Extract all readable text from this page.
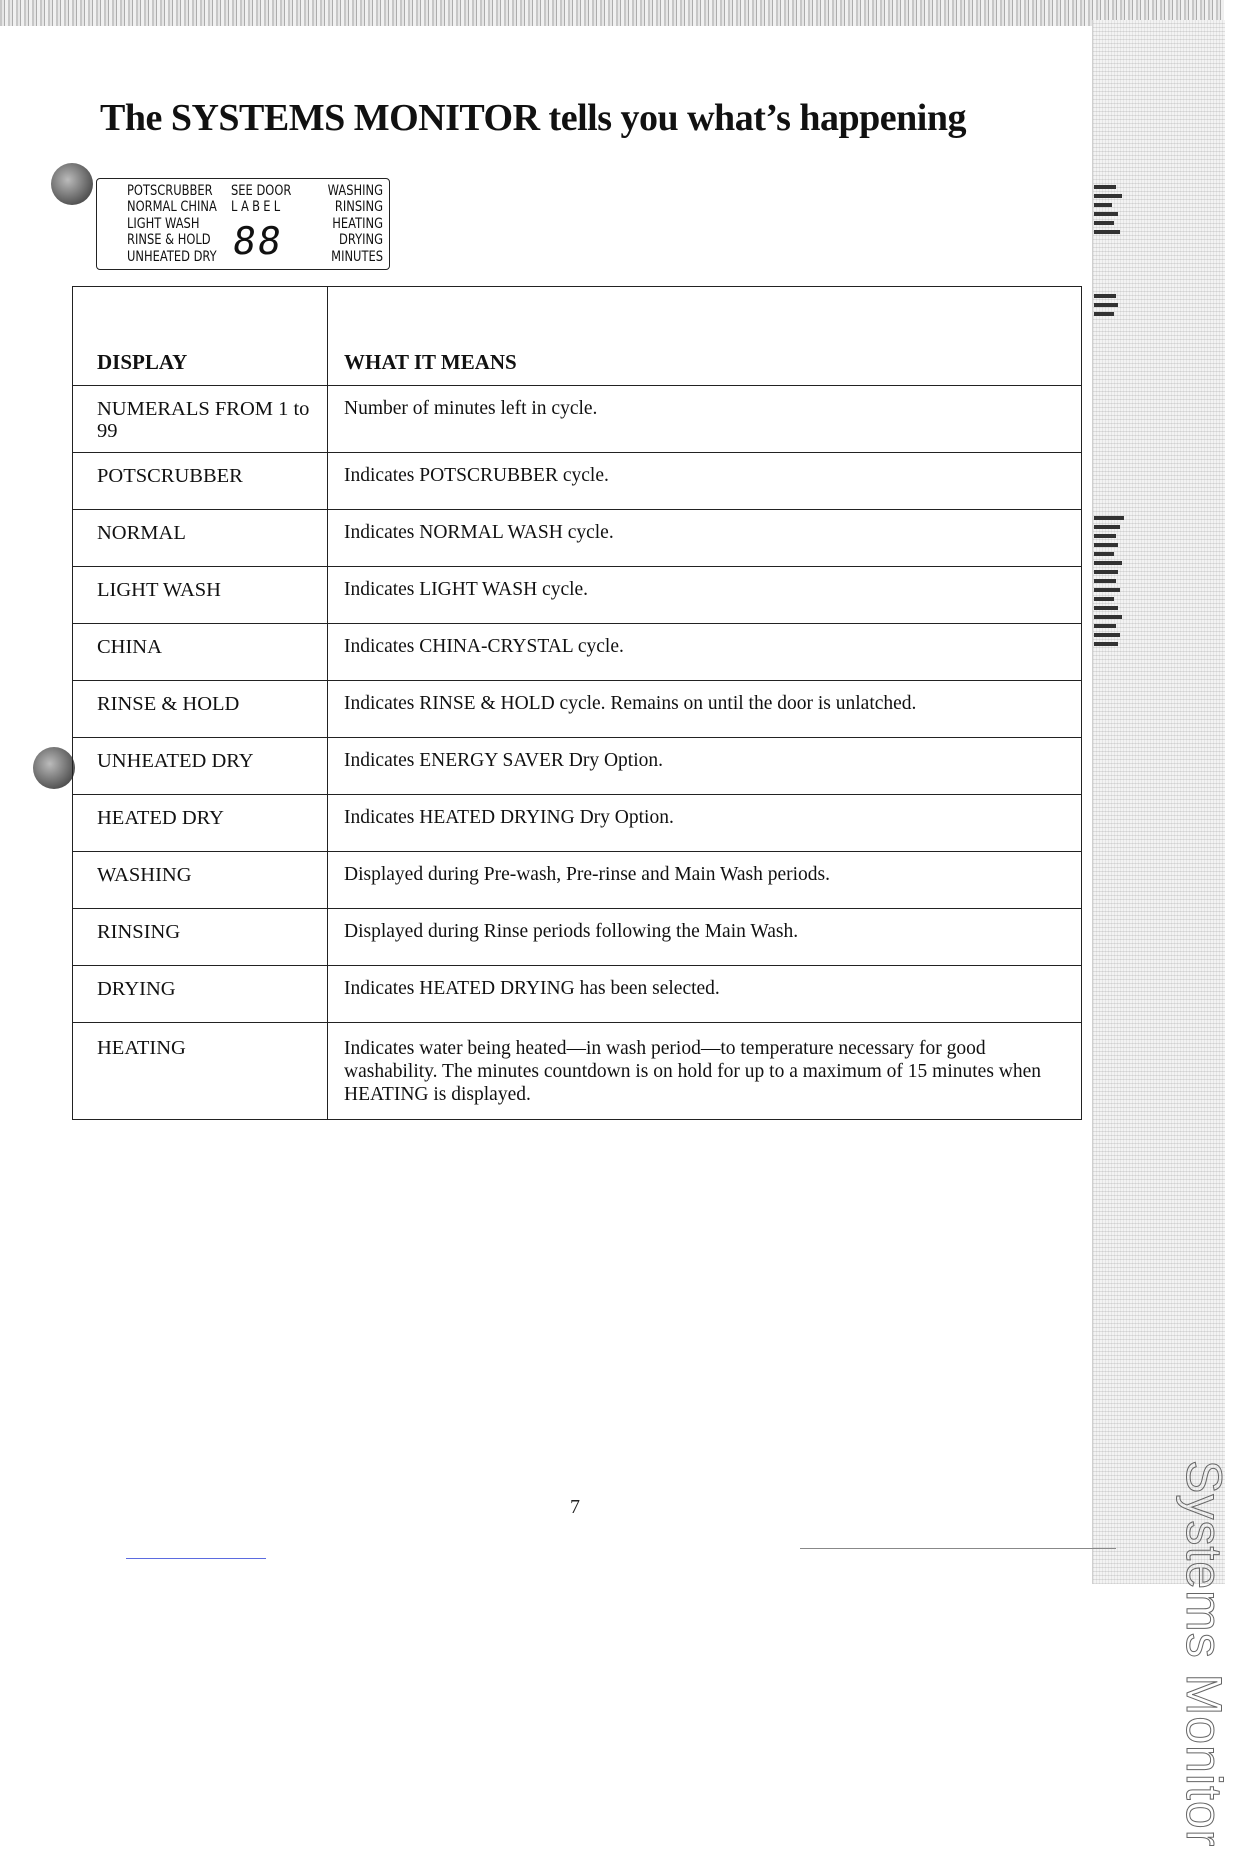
Systems Monitor
The SYSTEMS MONITOR tells you what’s happening
POTSCRUBBER
NORMAL CHINA
LIGHT WASH
RINSE & HOLD
UNHEATED DRY
SEE DOOR
LABEL
88
WASHING
RINSING
HEATING
DRYING
MINUTES
DISPLAY	WHAT IT MEANS
NUMERALS FROM 1 to 99	Number of minutes left in cycle.
POTSCRUBBER	Indicates POTSCRUBBER cycle.
NORMAL	Indicates NORMAL WASH cycle.
LIGHT WASH	Indicates LIGHT WASH cycle.
CHINA	Indicates CHINA-CRYSTAL cycle.
RINSE & HOLD	Indicates RINSE & HOLD cycle. Remains on until the door is unlatched.
UNHEATED DRY	Indicates ENERGY SAVER Dry Option.
HEATED DRY	Indicates HEATED DRYING Dry Option.
WASHING	Displayed during Pre-wash, Pre-rinse and Main Wash periods.
RINSING	Displayed during Rinse periods following the Main Wash.
DRYING	Indicates HEATED DRYING has been selected.
HEATING	Indicates water being heated—in wash period—to temperature necessary for good washability. The minutes countdown is on hold for up to a maximum of 15 minutes when HEATING is displayed.
7
